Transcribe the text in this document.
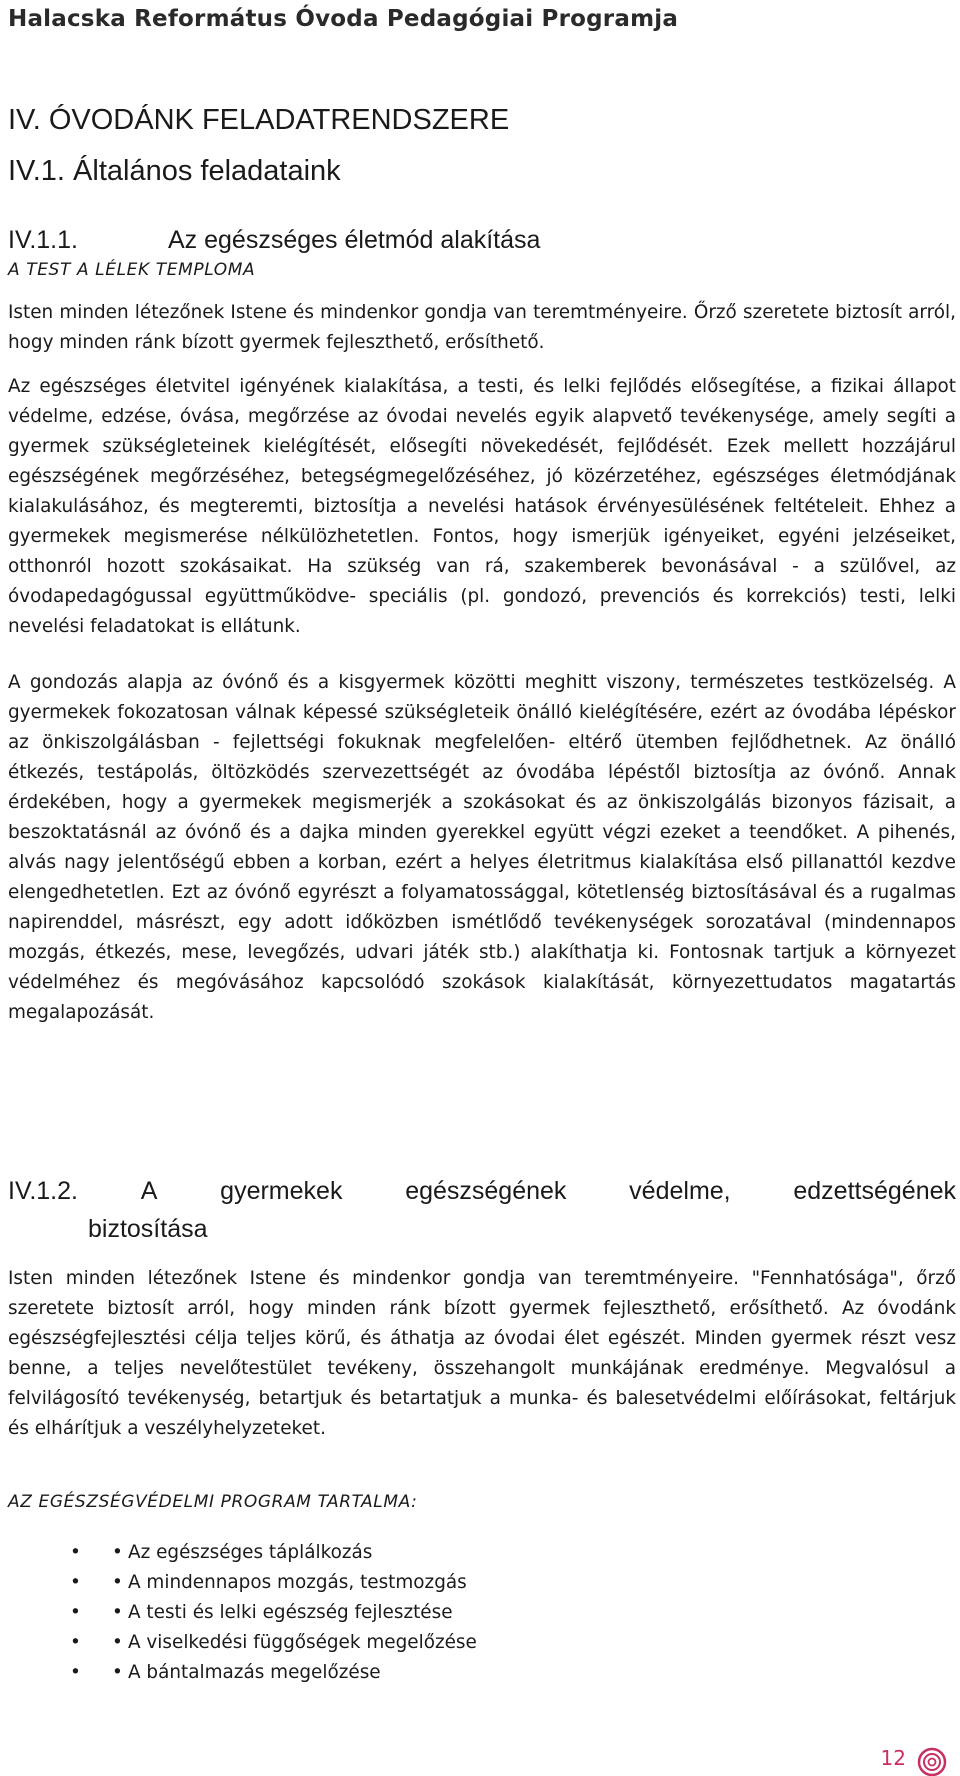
Halacska Református Óvoda Pedagógiai Programja
IV. ÓVODÁNK FELADATRENDSZERE
IV.1. Általános feladataink
IV.1.1.	Az egészséges életmód alakítása
A TEST A LÉLEK TEMPLOMA

Isten minden létezőnek Istene és mindenkor gondja van teremtményeire. Őrző szeretete biztosít arról, hogy minden ránk bízott gyermek fejleszthető, erősíthető.

Az egészséges életvitel igényének kialakítása, a testi, és lelki fejlődés elősegítése, a fizikai állapot védelme, edzése, óvása, megőrzése az óvodai nevelés egyik alapvető tevékenysége, amely segíti a gyermek szükségleteinek kielégítését, elősegíti növekedését, fejlődését. Ezek mellett hozzájárul egészségének megőrzéséhez, betegségmegelőzéséhez, jó közérzetéhez, egészséges életmódjának kialakulásához, és megteremti, biztosítja a nevelési hatások érvényesülésének feltételeit. Ehhez a gyermekek megismerése nélkülözhetetlen. Fontos, hogy ismerjük igényeiket, egyéni jelzéseiket, otthonról hozott szokásaikat. Ha szükség van rá, szakemberek bevonásával - a szülővel, az óvodapedagógussal együttműködve- speciális (pl. gondozó, prevenciós és korrekciós) testi, lelki nevelési feladatokat is ellátunk.

A gondozás alapja az óvónő és a kisgyermek közötti meghitt viszony, természetes testközelség. A gyermekek fokozatosan válnak képessé szükségleteik önálló kielégítésére, ezért az óvodába lépéskor az önkiszolgálásban - fejlettségi fokuknak megfelelően- eltérő ütemben fejlődhetnek. Az önálló étkezés, testápolás, öltözködés szervezettségét az óvodába lépéstől biztosítja az óvónő. Annak érdekében, hogy a gyermekek megismerjék a szokásokat és az önkiszolgálás bizonyos fázisait, a beszoktatásnál az óvónő és a dajka minden gyerekkel együtt végzi ezeket a teendőket. A pihenés, alvás nagy jelentőségű ebben a korban, ezért a helyes életritmus kialakítása első pillanattól kezdve elengedhetetlen. Ezt az óvónő egyrészt a folyamatossággal, kötetlenség biztosításával és a rugalmas napirenddel, másrészt, egy adott időközben ismétlődő tevékenységek sorozatával (mindennapos mozgás, étkezés, mese, levegőzés, udvari játék stb.) alakíthatja ki. Fontosnak tartjuk a környezet védelméhez és megóvásához kapcsolódó szokások kialakítását, környezettudatos magatartás megalapozását.

IV.1.2.	A	gyermekek	egészségének	védelme,	edzettségének
biztosítása

Isten minden létezőnek Istene és mindenkor gondja van teremtményeire. "Fennhatósága", őrző szeretete biztosít arról, hogy minden ránk bízott gyermek fejleszthető, erősíthető. Az óvodánk egészségfejlesztési célja teljes körű, és áthatja az óvodai élet egészét. Minden gyermek részt vesz benne, a teljes nevelőtestület tevékeny, összehangolt munkájának eredménye. Megvalósul a felvilágosító tevékenység, betartjuk és betartatjuk a munka- és balesetvédelmi előírásokat, feltárjuk és elhárítjuk a veszélyhelyzeteket.

AZ EGÉSZSÉGVÉDELMI PROGRAM TARTALMA:
• • Az egészséges táplálkozás
• • A mindennapos mozgás, testmozgás
• • A testi és lelki egészség fejlesztése
• • A viselkedési függőségek megelőzése
• • A bántalmazás megelőzése
12
